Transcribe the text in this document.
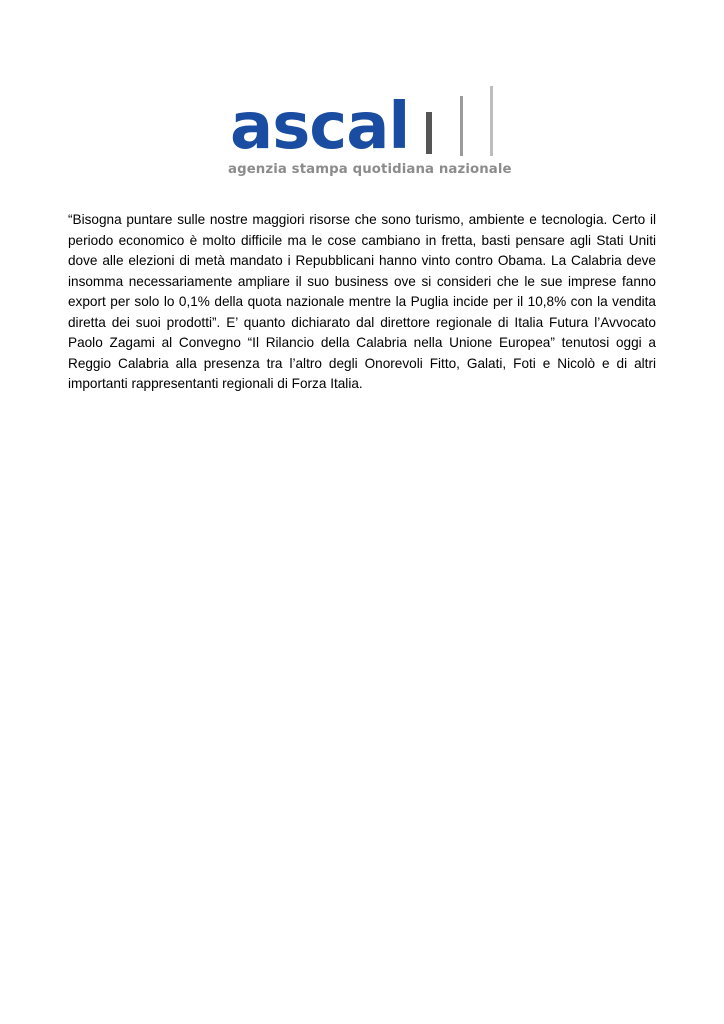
ascal
agenzia stampa quotidiana nazionale

“Bisogna puntare sulle nostre maggiori risorse che sono turismo, ambiente e tecnologia. Certo il periodo economico è molto difficile ma le cose cambiano in fretta, basti pensare agli Stati Uniti dove alle elezioni di metà mandato i Repubblicani hanno vinto contro Obama. La Calabria deve insomma necessariamente ampliare il suo business ove si consideri che le sue imprese fanno export per solo lo 0,1% della quota nazionale mentre la Puglia incide per il 10,8% con la vendita diretta dei suoi prodotti”. E’ quanto dichiarato dal direttore regionale di Italia Futura l’Avvocato Paolo Zagami al Convegno “Il Rilancio della Calabria nella Unione Europea” tenutosi oggi a Reggio Calabria alla presenza tra l’altro degli Onorevoli Fitto, Galati, Foti e Nicolò e di altri importanti rappresentanti regionali di Forza Italia.
